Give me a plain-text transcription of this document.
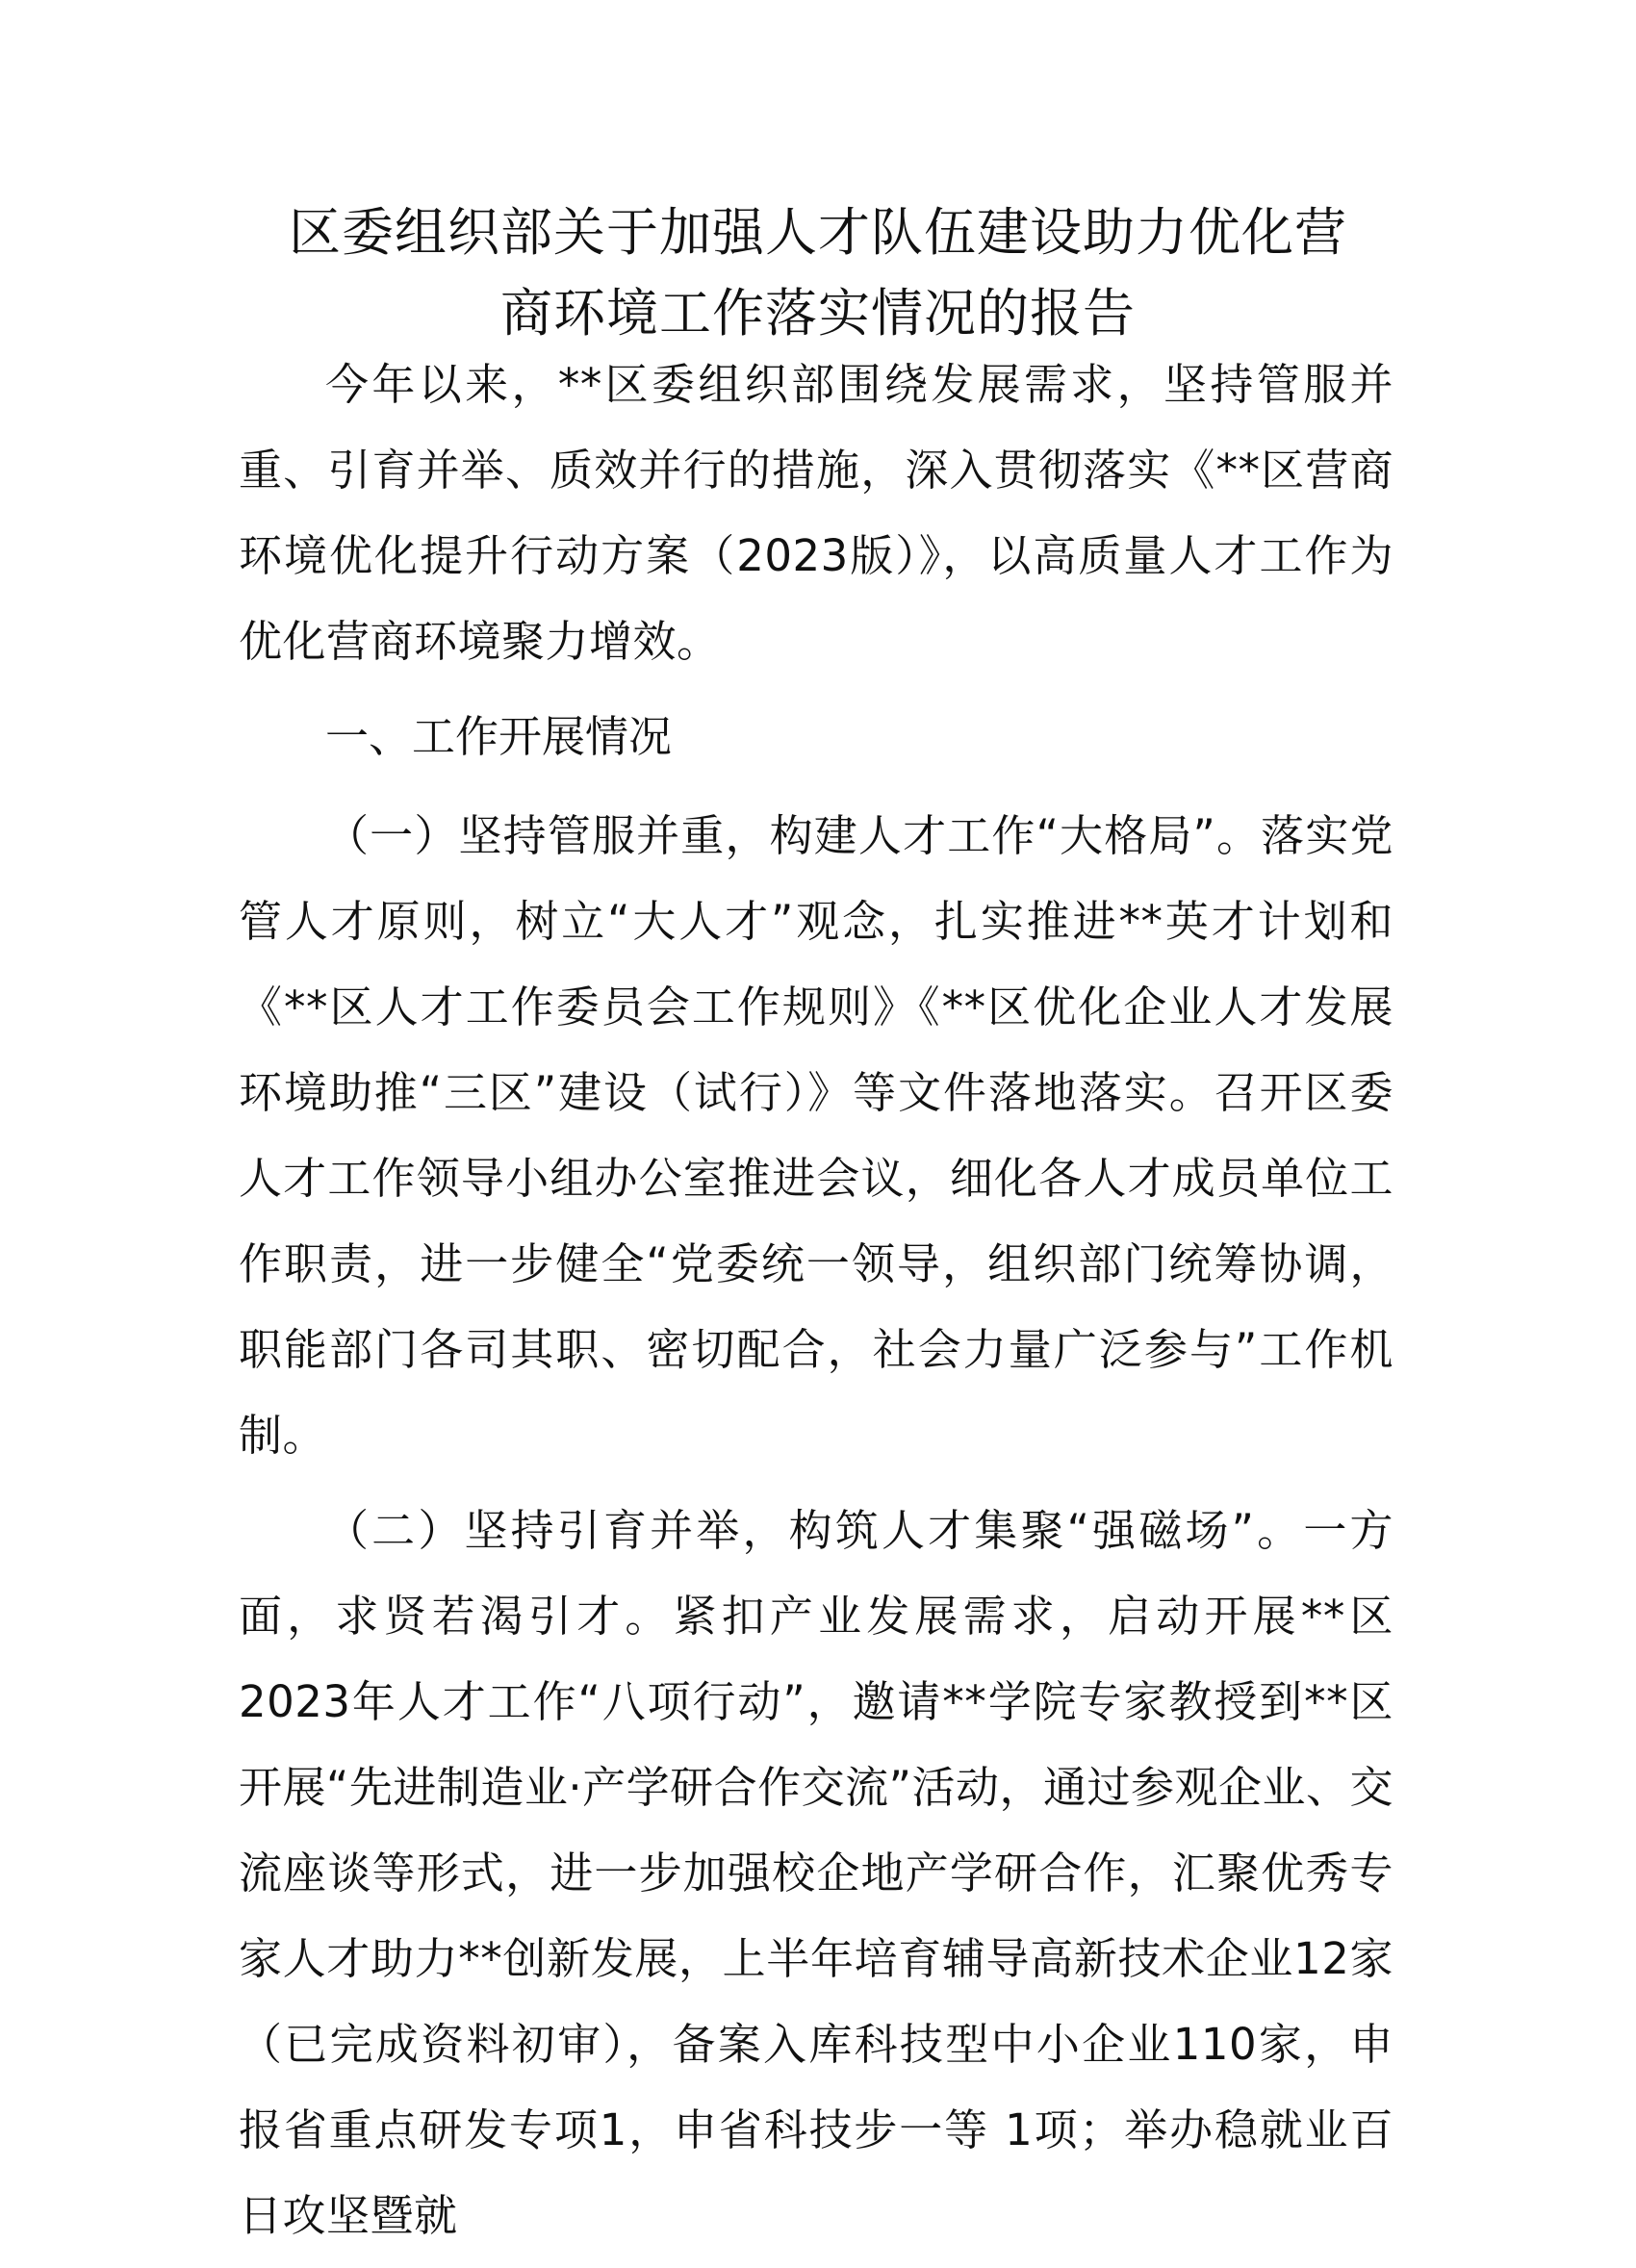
区委组织部关于加强人才队伍建设助力优化营
商环境工作落实情况的报告

今年以来，**区委组织部围绕发展需求，坚持管服并重、引育并举、质效并行的措施，深入贯彻落实《**区营商环境优化提升行动方案（2023版）》，以高质量人才工作为优化营商环境聚力增效。

一、工作开展情况

（一）坚持管服并重，构建人才工作“大格局”。落实党管人才原则，树立“大人才”观念，扎实推进**英才计划和《**区人才工作委员会工作规则》《**区优化企业人才发展环境助推“三区”建设（试行）》等文件落地落实。召开区委人才工作领导小组办公室推进会议，细化各人才成员单位工作职责，进一步健全“党委统一领导，组织部门统筹协调，职能部门各司其职、密切配合，社会力量广泛参与”工作机制。

（二）坚持引育并举，构筑人才集聚“强磁场”。一方面，求贤若渴引才。紧扣产业发展需求，启动开展**区2023年人才工作“八项行动”，邀请**学院专家教授到**区开展“先进制造业·产学研合作交流”活动，通过参观企业、交流座谈等形式，进一步加强校企地产学研合作，汇聚优秀专家人才助力**创新发展，上半年培育辅导高新技术企业12家（已完成资料初审），备案入库科技型中小企业110家，申报省重点研发专项1，申省科技步一等 1项；举办稳就业百日攻坚暨就
